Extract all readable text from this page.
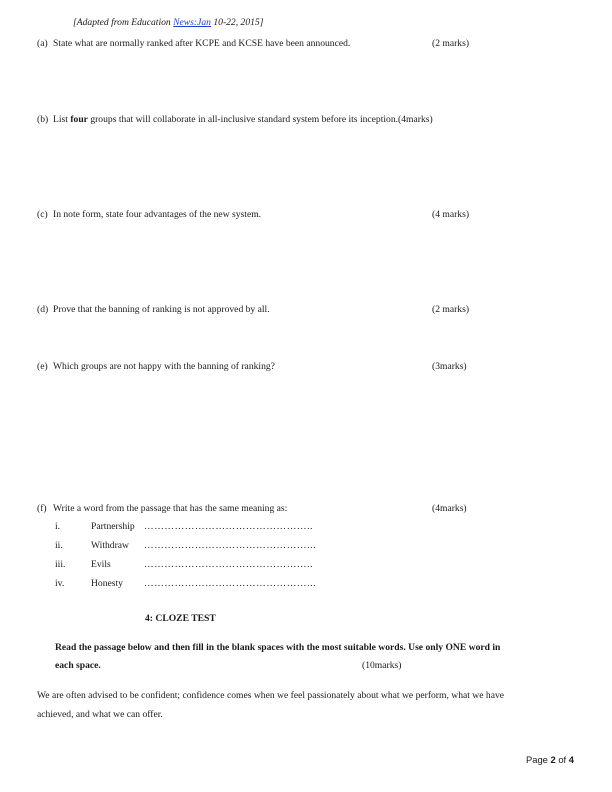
[Adapted from Education News:Jan 10-22, 2015]
(a) State what are normally ranked after KCPE and KCSE have been announced.	(2 marks)
(b) List four groups that will collaborate in all-inclusive standard system before its inception.(4marks)
(c) In note form, state four advantages of the new system.	(4 marks)
(d) Prove that the banning of ranking is not approved by all.	(2 marks)
(e) Which groups are not happy with the banning of ranking?	(3marks)
(f) Write a word from the passage that has the same meaning as:	(4marks)
i.	Partnership …………………………………………..
ii.	Withdraw …………………………………………...
iii.	Evils	…………………………………………..
iv.	Honesty …………………………………………...
4: CLOZE TEST
Read the passage below and then fill in the blank spaces with the most suitable words. Use only ONE word in
each space.	(10marks)
We are often advised to be confident; confidence comes when we feel passionately about what we perform, what we have
achieved, and what we can offer.
Page 2 of 4
